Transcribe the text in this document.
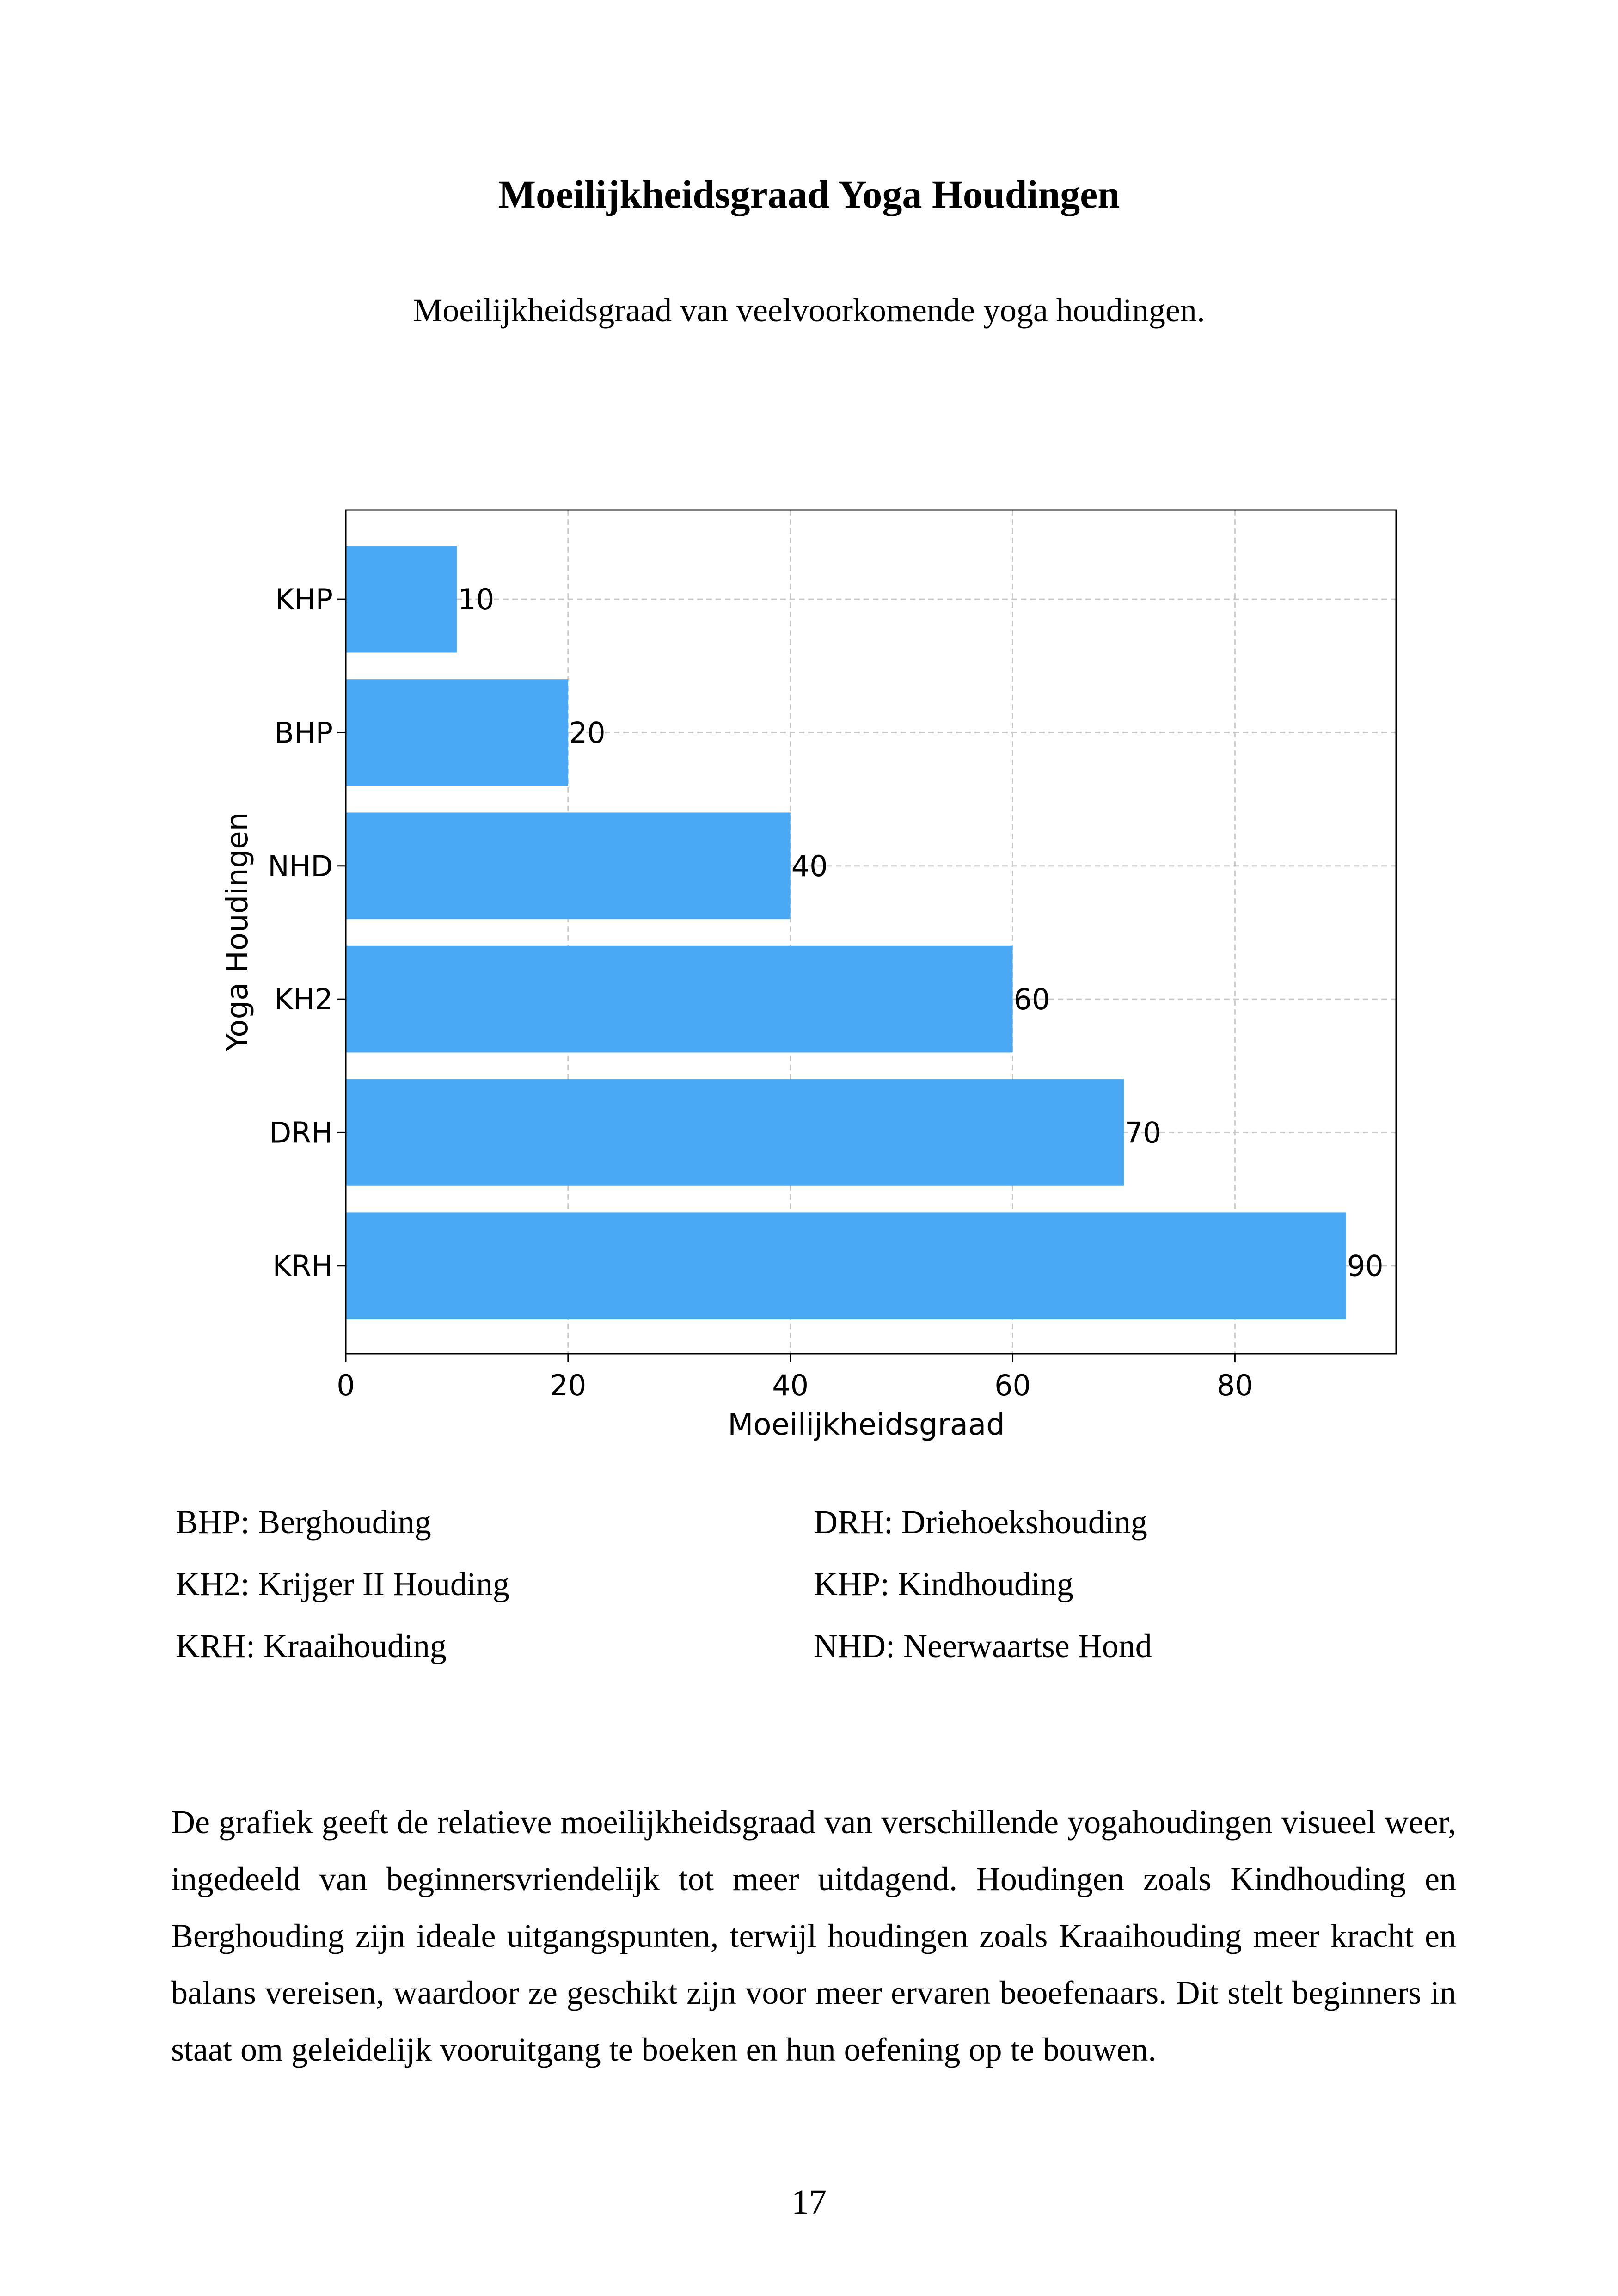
Moeilijkheidsgraad Yoga Houdingen
Moeilijkheidsgraad van veelvoorkomende yoga houdingen.
10
KHP
20
BHP
40
NHD
60
KH2
70
DRH
90
KRH
0	20	40	60	80
Moeilijkheidsgraad
Yoga Houdingen
BHP: Berghouding
KH2: Krijger II Houding
KRH: Kraaihouding
DRH: Driehoekshouding
KHP: Kindhouding
NHD: Neerwaartse Hond
De grafiek geeft de relatieve moeilijkheidsgraad van verschillende yogahoudingen visueel weer, ingedeeld van beginnersvriendelijk tot meer uitdagend. Houdingen zoals Kindhouding en Berghouding zijn ideale uitgangspunten, terwijl houdingen zoals Kraaihouding meer kracht en balans vereisen, waardoor ze geschikt zijn voor meer ervaren beoefenaars. Dit stelt beginners in staat om geleidelijk vooruitgang te boeken en hun oefening op te bouwen.
17
